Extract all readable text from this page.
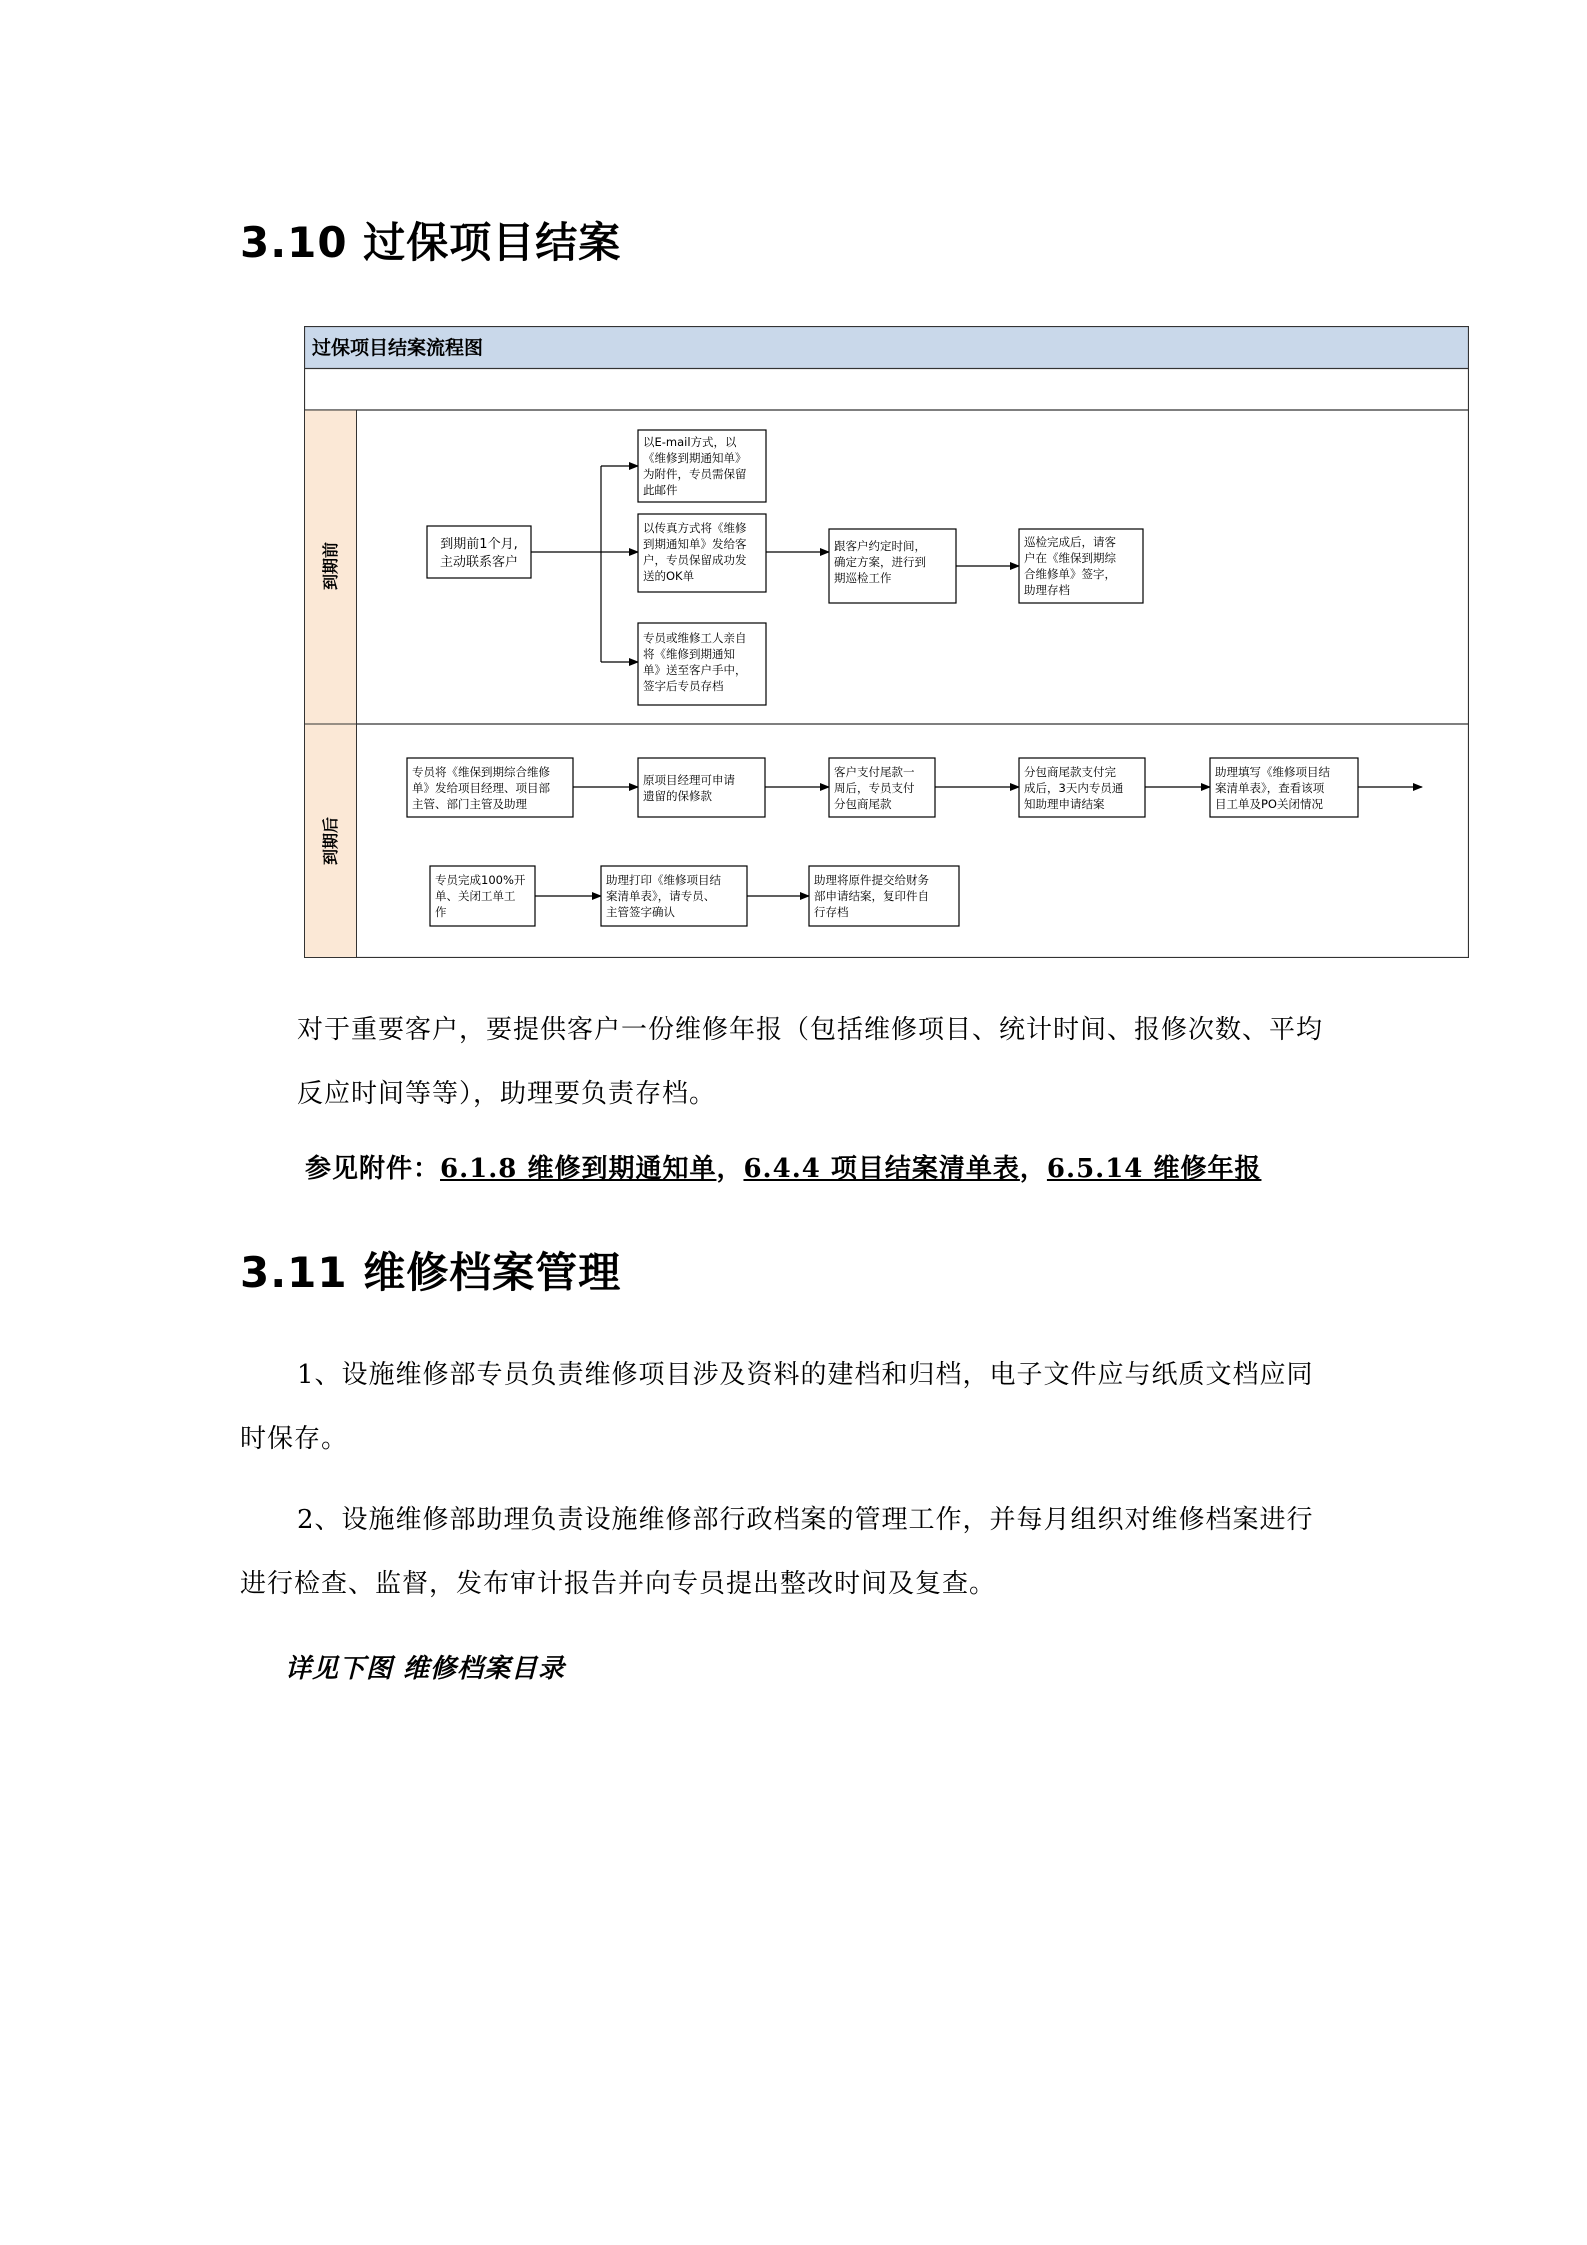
3.10 过保项目结案
过保项目结案流程图
到期前
到期后
到期前1个月,
主动联系客户
以E-mail方式，以
《维修到期通知单》
为附件，专员需保留
此邮件
以传真方式将《维修
到期通知单》发给客
户，专员保留成功发
送的OK单
专员或维修工人亲自
将《维修到期通知
单》送至客户手中，
签字后专员存档
跟客户约定时间，
确定方案，进行到
期巡检工作
巡检完成后，请客
户在《维保到期综
合维修单》签字，
助理存档
专员将《维保到期综合维修
单》发给项目经理、项目部
主管、部门主管及助理
原项目经理可申请
遗留的保修款
客户支付尾款一
周后，专员支付
分包商尾款
分包商尾款支付完
成后，3天内专员通
知助理申请结案
助理填写《维修项目结
案清单表》，查看该项
目工单及PO关闭情况
专员完成100%开
单、关闭工单工
作
助理打印《维修项目结
案清单表》，请专员、
主管签字确认
助理将原件提交给财务
部申请结案，复印件自
行存档

对于重要客户，要提供客户一份维修年报（包括维修项目、统计时间、报修次数、平均

反应时间等等），助理要负责存档。

参见附件：6.1.8 维修到期通知单，6.4.4 项目结案清单表，6.5.14 维修年报
3.11 维修档案管理

1、设施维修部专员负责维修项目涉及资料的建档和归档，电子文件应与纸质文档应同

时保存。

2、设施维修部助理负责设施维修部行政档案的管理工作，并每月组织对维修档案进行

进行检查、监督，发布审计报告并向专员提出整改时间及复查。

详见下图 维修档案目录
